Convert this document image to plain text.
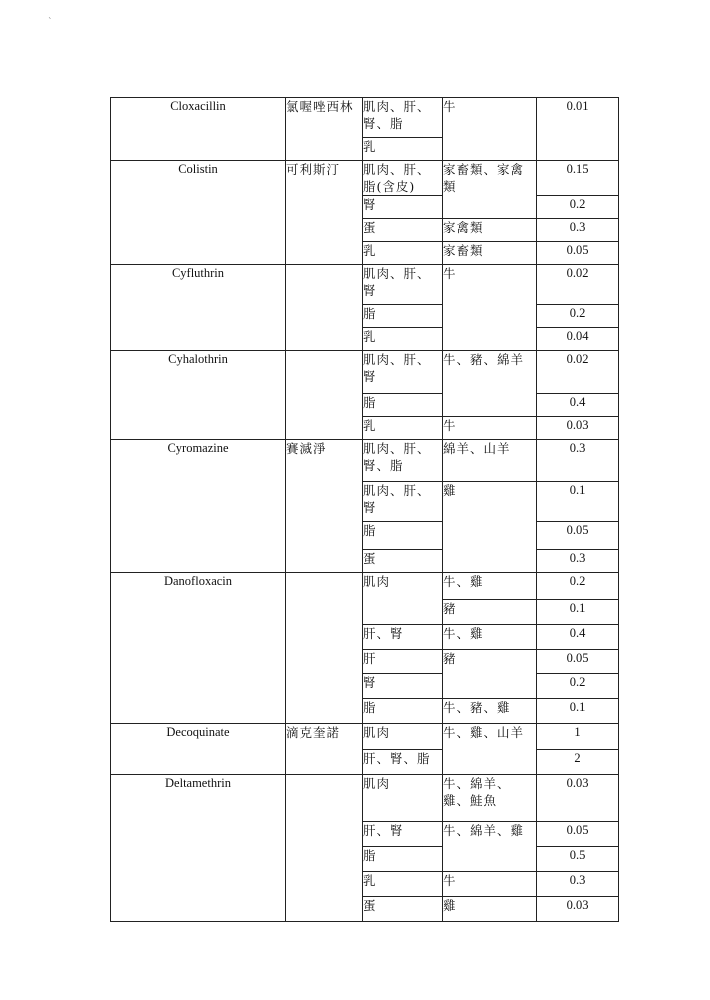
`
Cloxacillin	氯喔唑西林	肌肉、肝、腎、脂	牛	0.01
		乳		
Colistin	可利斯汀	肌肉、肝、脂(含皮)	家畜類、家禽類	0.15
		腎		0.2
		蛋	家禽類	0.3
		乳	家畜類	0.05
Cyfluthrin		肌肉、肝、腎	牛	0.02
		脂		0.2
		乳		0.04
Cyhalothrin		肌肉、肝、腎	牛、豬、綿羊	0.02
		脂		0.4
		乳	牛	0.03
Cyromazine	賽滅淨	肌肉、肝、腎、脂	綿羊、山羊	0.3
		肌肉、肝、腎	雞	0.1
		脂		0.05
		蛋		0.3
Danofloxacin		肌肉	牛、雞	0.2
			豬	0.1
		肝、腎	牛、雞	0.4
		肝	豬	0.05
		腎		0.2
		脂	牛、豬、雞	0.1
Decoquinate	滴克奎諾	肌肉	牛、雞、山羊	1
		肝、腎、脂		2
Deltamethrin		肌肉	牛、綿羊、雞、鮭魚	0.03
		肝、腎	牛、綿羊、雞	0.05
		脂		0.5
		乳	牛	0.3
		蛋	雞	0.03
